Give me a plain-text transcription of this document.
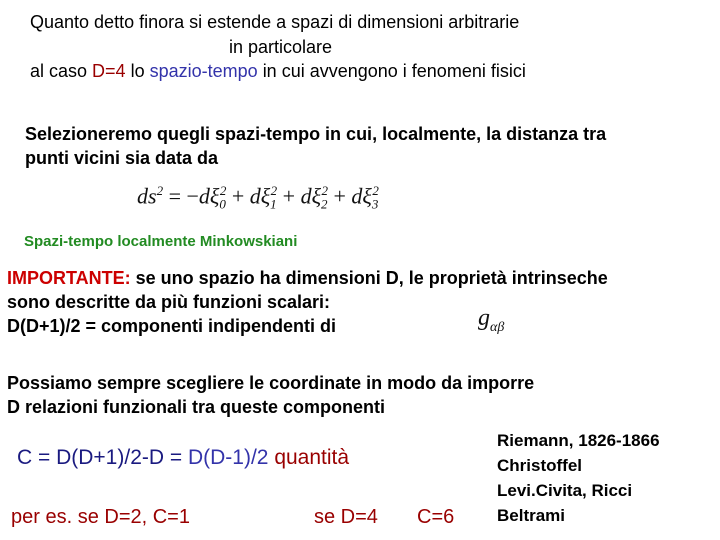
Quanto detto finora si estende a spazi di dimensioni arbitrarie
in particolare
al caso D=4 lo spazio-tempo in cui avvengono i fenomeni fisici
Selezioneremo quegli spazi-tempo in cui, localmente, la distanza tra
punti vicini sia data da
$ds^2 = -d\xi_0^2 + d\xi_1^2 + d\xi_2^2 + d\xi_3^2$
Spazi-tempo localmente Minkowskiani
IMPORTANTE: se uno spazio ha dimensioni D, le proprietà intrinseche
sono descritte da più funzioni scalari:
D(D+1)/2 = componenti indipendenti di	$g_{\alpha\beta}$
Possiamo sempre scegliere le coordinate in modo da imporre
D relazioni funzionali tra queste componenti
C = D(D+1)/2-D = D(D-1)/2 quantità
per es. se D=2, C=1	se D=4 C=6
Riemann, 1826-1866
Christoffel
Levi.Civita, Ricci
Beltrami
